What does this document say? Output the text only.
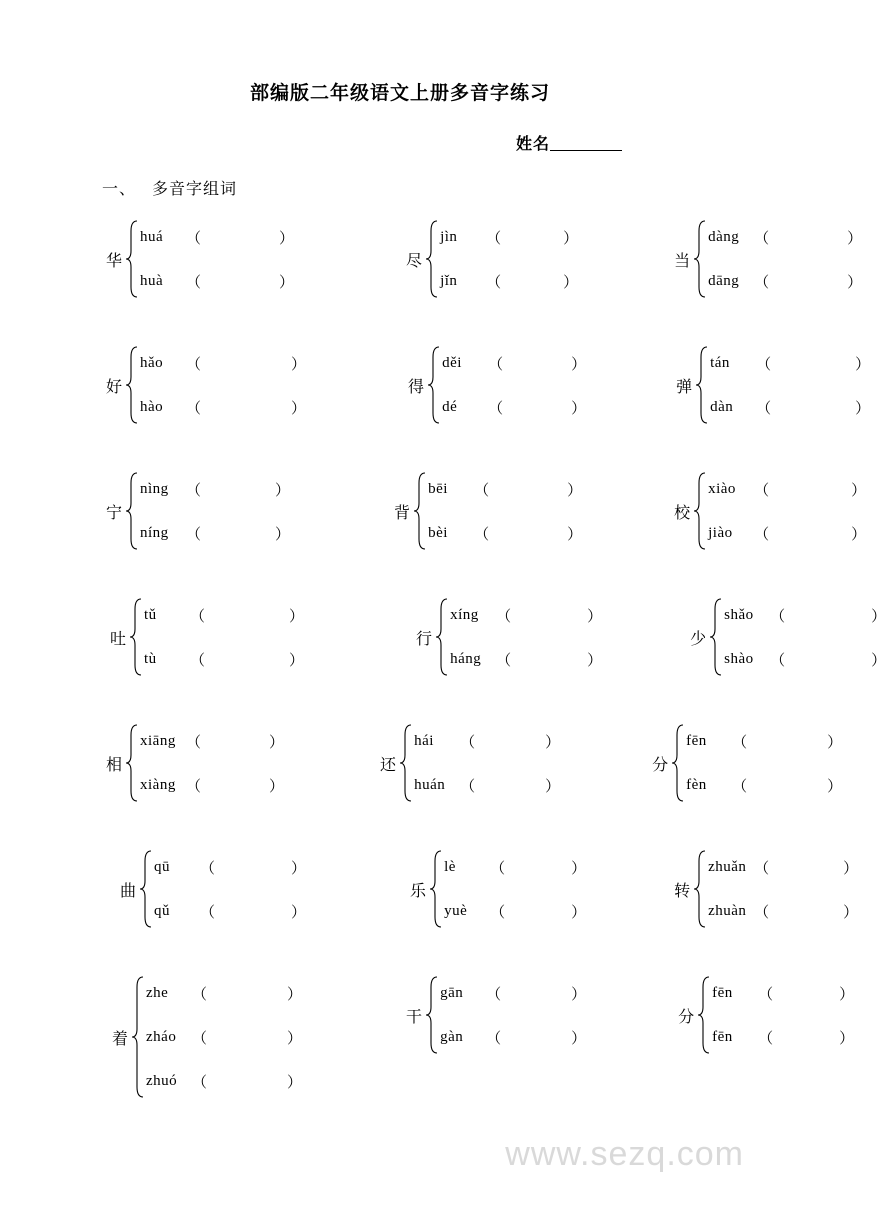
部编版二年级语文上册多音字练习
姓名
一、 多音字组词
华
huá	（	）
huà	（	）
尽
jìn	（	）
jǐn	（	）
当
dàng （	）
dāng （	）
好
hǎo	（	）
hào	（	）
得
děi	（	）
dé	（	）
弹
tán	（	）
dàn	（	）
宁
nìng	（	）
níng	（	）
背
bēi	（	）
bèi	（	）
校
xiào	（	）
jiào	（	）
吐
tǔ	（	）
tù	（	）
行
xíng	（	）
háng （	）
少
shǎo	（	）
shào	（	）
相
xiāng （	）
xiàng （	）
还
hái	（	）
huán （	）
分
fēn	（	）
fèn	（	）
曲
qū	（	）
qǔ	（	）
乐
lè	（	）
yuè	（	）
转
zhuǎn （	）
zhuàn （	）
着
zhe	（	）
zháo	（	）
zhuó （	）
干
gān	（	）
gàn	（	）
分
fēn	（	）
fēn	（	）
www.sezq.com
